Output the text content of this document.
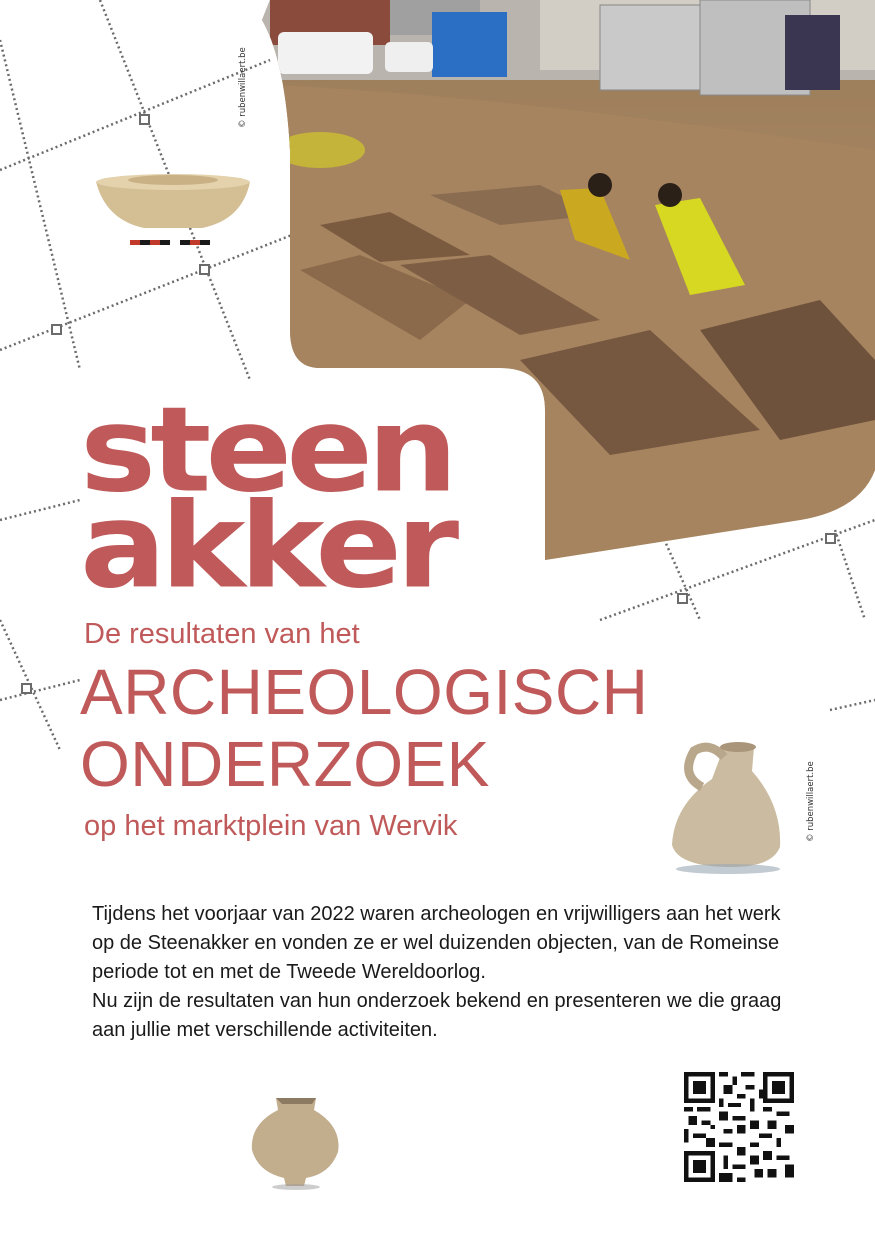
© rubenwillaert.be
steen
akker
De resultaten van het
ARCHEOLOGISCH
ONDERZOEK
op het marktplein van Wervik	© rubenwillaert.be

Tijdens het voorjaar van 2022 waren archeologen en vrijwilligers aan het werk op de Steenakker en vonden ze er wel duizenden objecten, van de Romeinse periode tot en met de Tweede Wereldoorlog.

Nu zijn de resultaten van hun onderzoek bekend en presenteren we die graag aan jullie met verschillende activiteiten.
